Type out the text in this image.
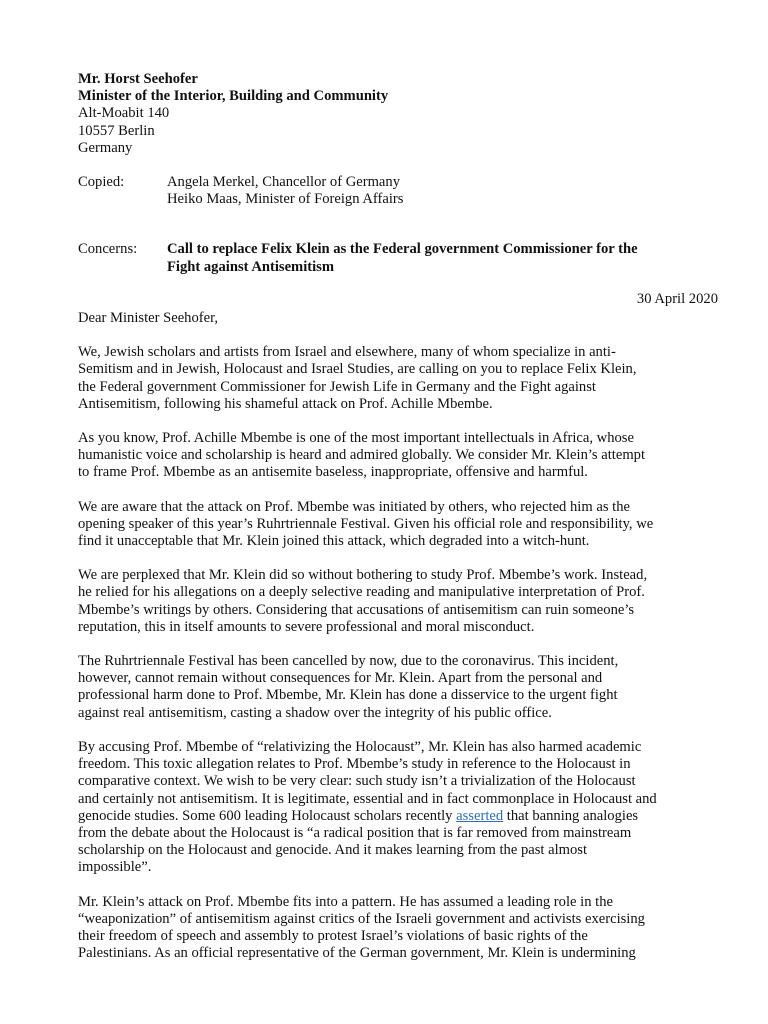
Mr. Horst Seehofer
Minister of the Interior, Building and Community
Alt-Moabit 140
10557 Berlin
Germany
Copied:	Angela Merkel, Chancellor of Germany
Heiko Maas, Minister of Foreign Affairs
Concerns:	Call to replace Felix Klein as the Federal government Commissioner for the
Fight against Antisemitism
30 April 2020
Dear Minister Seehofer,
We, Jewish scholars and artists from Israel and elsewhere, many of whom specialize in anti-
Semitism and in Jewish, Holocaust and Israel Studies, are calling on you to replace Felix Klein,
the Federal government Commissioner for Jewish Life in Germany and the Fight against
Antisemitism, following his shameful attack on Prof. Achille Mbembe.
As you know, Prof. Achille Mbembe is one of the most important intellectuals in Africa, whose
humanistic voice and scholarship is heard and admired globally. We consider Mr. Klein’s attempt
to frame Prof. Mbembe as an antisemite baseless, inappropriate, offensive and harmful.
We are aware that the attack on Prof. Mbembe was initiated by others, who rejected him as the
opening speaker of this year’s Ruhrtriennale Festival. Given his official role and responsibility, we
find it unacceptable that Mr. Klein joined this attack, which degraded into a witch-hunt.
We are perplexed that Mr. Klein did so without bothering to study Prof. Mbembe’s work. Instead,
he relied for his allegations on a deeply selective reading and manipulative interpretation of Prof.
Mbembe’s writings by others. Considering that accusations of antisemitism can ruin someone’s
reputation, this in itself amounts to severe professional and moral misconduct.
The Ruhrtriennale Festival has been cancelled by now, due to the coronavirus. This incident,
however, cannot remain without consequences for Mr. Klein. Apart from the personal and
professional harm done to Prof. Mbembe, Mr. Klein has done a disservice to the urgent fight
against real antisemitism, casting a shadow over the integrity of his public office.
By accusing Prof. Mbembe of “relativizing the Holocaust”, Mr. Klein has also harmed academic
freedom. This toxic allegation relates to Prof. Mbembe’s study in reference to the Holocaust in
comparative context. We wish to be very clear: such study isn’t a trivialization of the Holocaust
and certainly not antisemitism. It is legitimate, essential and in fact commonplace in Holocaust and
genocide studies. Some 600 leading Holocaust scholars recently asserted that banning analogies
from the debate about the Holocaust is “a radical position that is far removed from mainstream
scholarship on the Holocaust and genocide. And it makes learning from the past almost
impossible”.
Mr. Klein’s attack on Prof. Mbembe fits into a pattern. He has assumed a leading role in the
“weaponization” of antisemitism against critics of the Israeli government and activists exercising
their freedom of speech and assembly to protest Israel’s violations of basic rights of the
Palestinians. As an official representative of the German government, Mr. Klein is undermining
